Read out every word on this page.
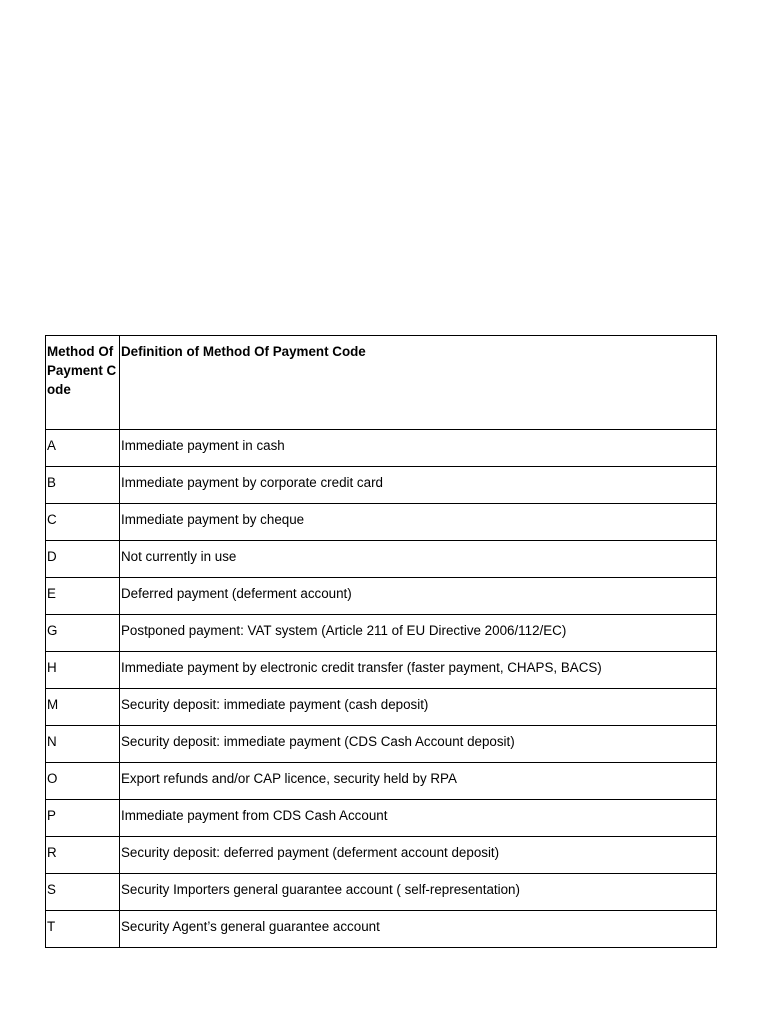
Method Of Payment Code	Definition of Method Of Payment Code

A	Immediate payment in cash

B	Immediate payment by corporate credit card

C	Immediate payment by cheque

D	Not currently in use

E	Deferred payment (deferment account)

G	Postponed payment: VAT system (Article 211 of EU Directive 2006/112/EC)

H	Immediate payment by electronic credit transfer (faster payment, CHAPS, BACS)

M	Security deposit: immediate payment (cash deposit)

N	Security deposit: immediate payment (CDS Cash Account deposit)

O	Export refunds and/or CAP licence, security held by RPA

P	Immediate payment from CDS Cash Account

R	Security deposit: deferred payment (deferment account deposit)

S	Security Importers general guarantee account ( self-representation)

T	Security Agent’s general guarantee account
